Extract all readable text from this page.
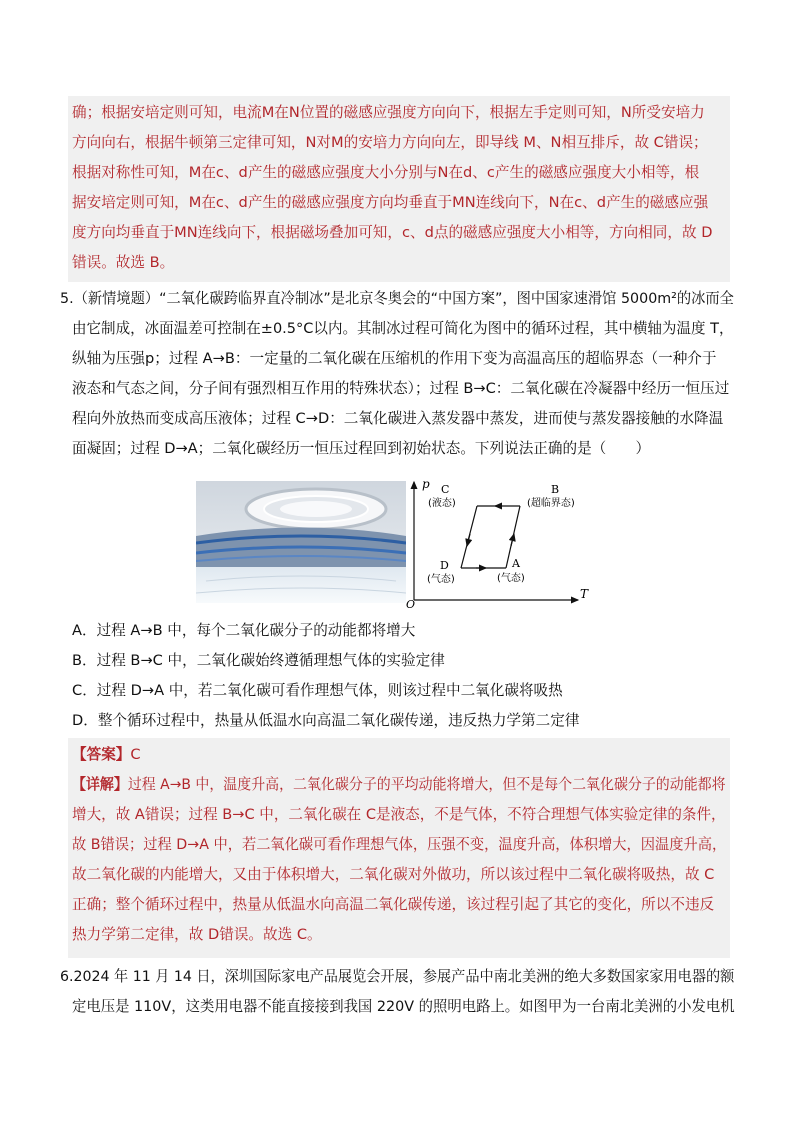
确；根据安培定则可知，电流M在N位置的磁感应强度方向向下，根据左手定则可知，N所受安培力
方向向右，根据牛顿第三定律可知，N对M的安培力方向向左，即导线 M、N相互排斥，故 C错误；
根据对称性可知，M在c、d产生的磁感应强度大小分别与N在d、c产生的磁感应强度大小相等，根
据安培定则可知，M在c、d产生的磁感应强度方向均垂直于MN连线向下，N在c、d产生的磁感应强
度方向均垂直于MN连线向下，根据磁场叠加可知，c、d点的磁感应强度大小相等，方向相同，故 D
错误。故选 B。
5.（新情境题）“二氧化碳跨临界直冷制冰”是北京冬奥会的“中国方案”，图中国家速滑馆 5000m²的冰而全
由它制成，冰面温差可控制在±0.5°C以内。其制冰过程可简化为图中的循环过程，其中横轴为温度 T，
纵轴为压强p；过程 A→B：一定量的二氧化碳在压缩机的作用下变为高温高压的超临界态（一种介于
液态和气态之间，分子间有强烈相互作用的特殊状态）；过程 B→C：二氧化碳在冷凝器中经历一恒压过
程向外放热而变成高压液体；过程 C→D：二氧化碳进入蒸发器中蒸发，进而使与蒸发器接触的水降温
面凝固；过程 D→A；二氧化碳经历一恒压过程回到初始状态。下列说法正确的是（　　）
p
T
O
C
(液态)
B
(超临界态)
D
(气态)
A
(气态)
A．过程 A→B 中，每个二氧化碳分子的动能都将增大
B．过程 B→C 中，二氧化碳始终遵循理想气体的实验定律
C．过程 D→A 中，若二氧化碳可看作理想气体，则该过程中二氧化碳将吸热
D．整个循环过程中，热量从低温水向高温二氧化碳传递，违反热力学第二定律
【答案】C
【详解】过程 A→B 中，温度升高，二氧化碳分子的平均动能将增大，但不是每个二氧化碳分子的动能都将
增大，故 A错误；过程 B→C 中，二氧化碳在 C是液态，不是气体，不符合理想气体实验定律的条件，
故 B错误；过程 D→A 中，若二氧化碳可看作理想气体，压强不变，温度升高，体积增大，因温度升高，
故二氧化碳的内能增大，又由于体积增大，二氧化碳对外做功，所以该过程中二氧化碳将吸热，故 C
正确；整个循环过程中，热量从低温水向高温二氧化碳传递，该过程引起了其它的变化，所以不违反
热力学第二定律，故 D错误。故选 C。
6.2024 年 11 月 14 日，深圳国际家电产品展览会开展，参展产品中南北美洲的绝大多数国家家用电器的额
定电压是 110V，这类用电器不能直接接到我国 220V 的照明电路上。如图甲为一台南北美洲的小发电机
